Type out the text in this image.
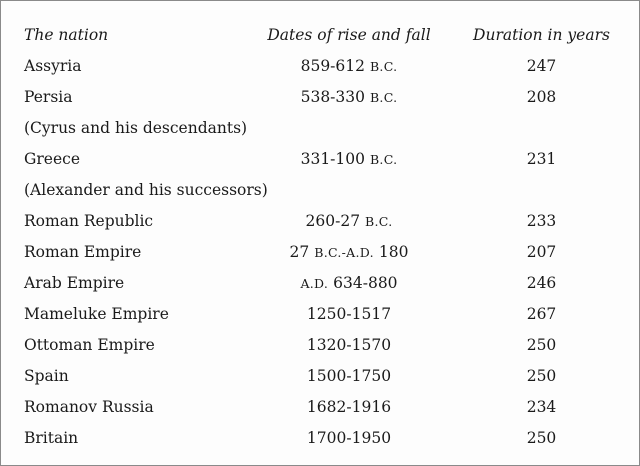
The nation	Dates of rise and fall	Duration in years
Assyria	859-612 B.C.	247
Persia	538-330 B.C.	208
(Cyrus and his descendants)
Greece	331-100 B.C.	231
(Alexander and his successors)
Roman Republic	260-27 B.C.	233
Roman Empire	27 B.C.-A.D. 180	207
Arab Empire	A.D. 634-880	246
Mameluke Empire	1250-1517	267
Ottoman Empire	1320-1570	250
Spain	1500-1750	250
Romanov Russia	1682-1916	234
Britain	1700-1950	250
